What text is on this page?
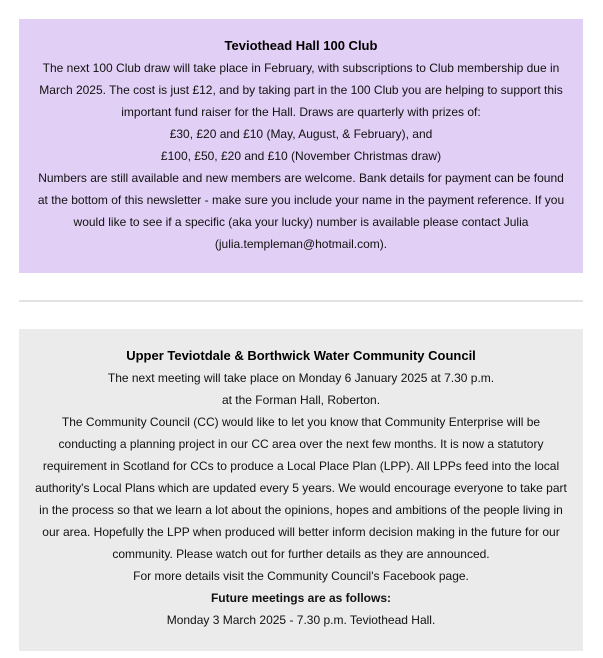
Teviothead Hall 100 Club

The next 100 Club draw will take place in February, with subscriptions to Club membership due in March 2025. The cost is just £12, and by taking part in the 100 Club you are helping to support this important fund raiser for the Hall. Draws are quarterly with prizes of:

£30, £20 and £10 (May, August, & February), and

£100, £50, £20 and £10 (November Christmas draw)

Numbers are still available and new members are welcome. Bank details for payment can be found at the bottom of this newsletter - make sure you include your name in the payment reference. If you would like to see if a specific (aka your lucky) number is available please contact Julia (julia.templeman@hotmail.com).

Upper Teviotdale & Borthwick Water Community Council

The next meeting will take place on Monday 6 January 2025 at 7.30 p.m.

at the Forman Hall, Roberton.

The Community Council (CC) would like to let you know that Community Enterprise will be conducting a planning project in our CC area over the next few months. It is now a statutory requirement in Scotland for CCs to produce a Local Place Plan (LPP). All LPPs feed into the local authority's Local Plans which are updated every 5 years. We would encourage everyone to take part in the process so that we learn a lot about the opinions, hopes and ambitions of the people living in our area. Hopefully the LPP when produced will better inform decision making in the future for our community. Please watch out for further details as they are announced.

For more details visit the Community Council's Facebook page.

Future meetings are as follows:

Monday 3 March 2025 - 7.30 p.m. Teviothead Hall.
